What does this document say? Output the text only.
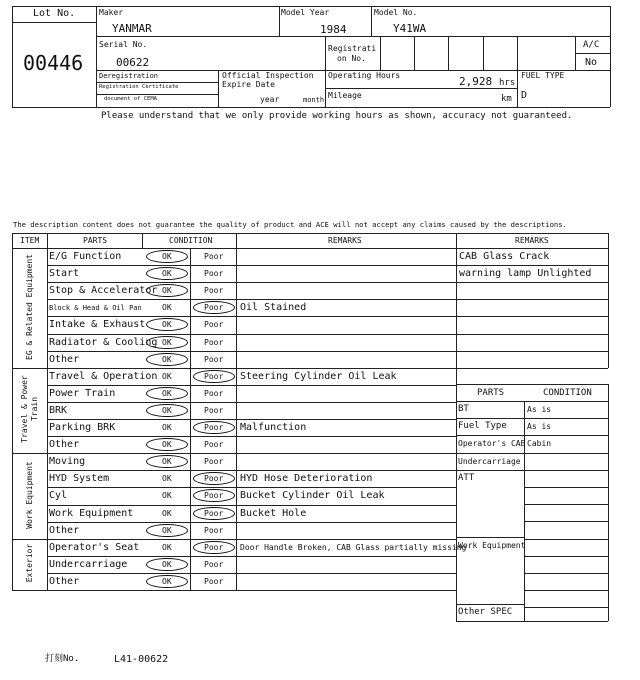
Lot No.
00446
Maker
YANMAR
Model Year
1984
Model No.
Y41WA
Serial No.
00622
Registrati
on No.
A/C
No
Deregistration
Registration Certificate
document of CEMA
Official Inspection
Expire Date
year	month
Operating Hours	2,928 hrs
Mileage	km
FUEL TYPE
D
Please understand that we only provide working hours as shown, accuracy not guaranteed.
The description content does not guarantee the quality of product and ACE will not accept any claims caused by the descriptions.
ITEM	PARTS	CONDITION	REMARKS
EG & Related Equipment
Travel & Power Train
Work Equipment
Exterior
E/G Function	OK	Poor
Start	OK	Poor
Stop & Accelerator OK	Poor
Block & Head & Oil Pan	OK	Poor Oil Stained
Intake & Exhaust OK	Poor
Radiator & Cooling OK	Poor
Other	OK	Poor
Travel & Operation OK	Poor Steering Cylinder Oil Leak
Power Train	OK	Poor
BRK	OK	Poor
Parking BRK	OK	Poor Malfunction
Other	OK	Poor
Moving	OK	Poor
HYD System	OK	Poor HYD Hose Deterioration
Cyl	OK	Poor Bucket Cylinder Oil Leak
Work Equipment	OK	Poor Bucket Hole
Other	OK	Poor
Operator's Seat	OK	Poor Door Handle Broken, CAB Glass partially missing
Undercarriage	OK	Poor
Other	OK	Poor
REMARKS
CAB Glass Crack
warning lamp Unlighted
PARTS	CONDITION
BT	As is
Fuel Type	As is
Operator's CAB Cabin
Undercarriage
ATT
Work Equipment
Other SPEC
打刻No.	L41-00622
